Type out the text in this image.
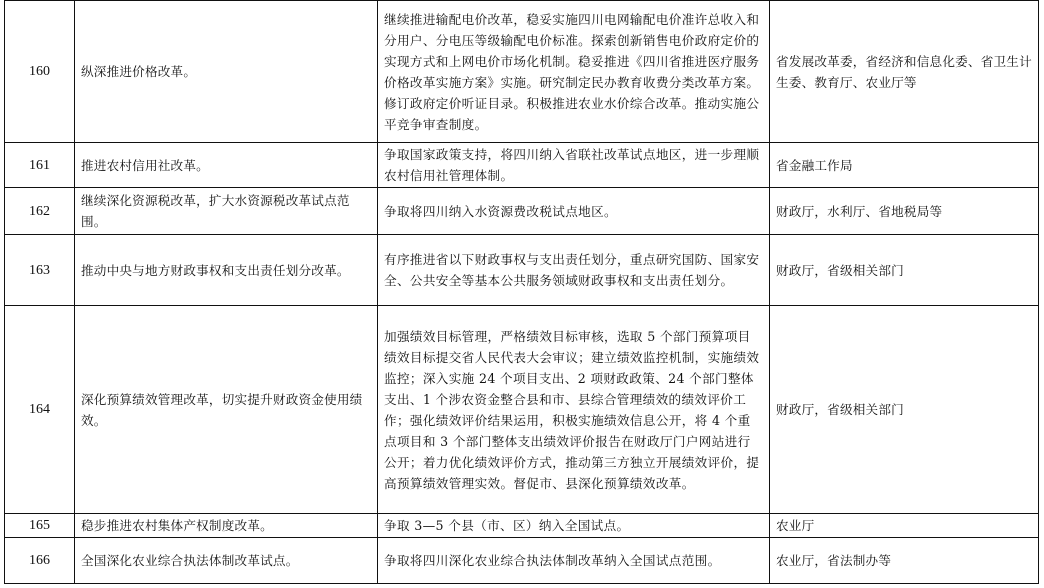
160	纵深推进价格改革。	继续推进输配电价改革，稳妥实施四川电网输配电价准许总收入和分用户、分电压等级输配电价标准。探索创新销售电价政府定价的实现方式和上网电价市场化机制。稳妥推进《四川省推进医疗服务价格改革实施方案》实施。研究制定民办教育收费分类改革方案。修订政府定价听证目录。积极推进农业水价综合改革。推动实施公平竞争审查制度。	省发展改革委，省经济和信息化委、省卫生计生委、教育厅、农业厅等
161	推进农村信用社改革。	争取国家政策支持，将四川纳入省联社改革试点地区，进一步理顺农村信用社管理体制。	省金融工作局
162	继续深化资源税改革，扩大水资源税改革试点范围。	争取将四川纳入水资源费改税试点地区。	财政厅，水利厅、省地税局等
163	推动中央与地方财政事权和支出责任划分改革。	有序推进省以下财政事权与支出责任划分，重点研究国防、国家安全、公共安全等基本公共服务领域财政事权和支出责任划分。	财政厅，省级相关部门
164	深化预算绩效管理改革，切实提升财政资金使用绩效。	加强绩效目标管理，严格绩效目标审核，选取 5 个部门预算项目绩效目标提交省人民代表大会审议；建立绩效监控机制，实施绩效监控；深入实施 24 个项目支出、2 项财政政策、24 个部门整体支出、1 个涉农资金整合县和市、县综合管理绩效的绩效评价工作；强化绩效评价结果运用，积极实施绩效信息公开，将 4 个重点项目和 3 个部门整体支出绩效评价报告在财政厅门户网站进行公开；着力优化绩效评价方式，推动第三方独立开展绩效评价，提高预算绩效管理实效。督促市、县深化预算绩效改革。	财政厅，省级相关部门
165	稳步推进农村集体产权制度改革。	争取 3—5 个县（市、区）纳入全国试点。	农业厅
166	全国深化农业综合执法体制改革试点。	争取将四川深化农业综合执法体制改革纳入全国试点范围。	农业厅，省法制办等
